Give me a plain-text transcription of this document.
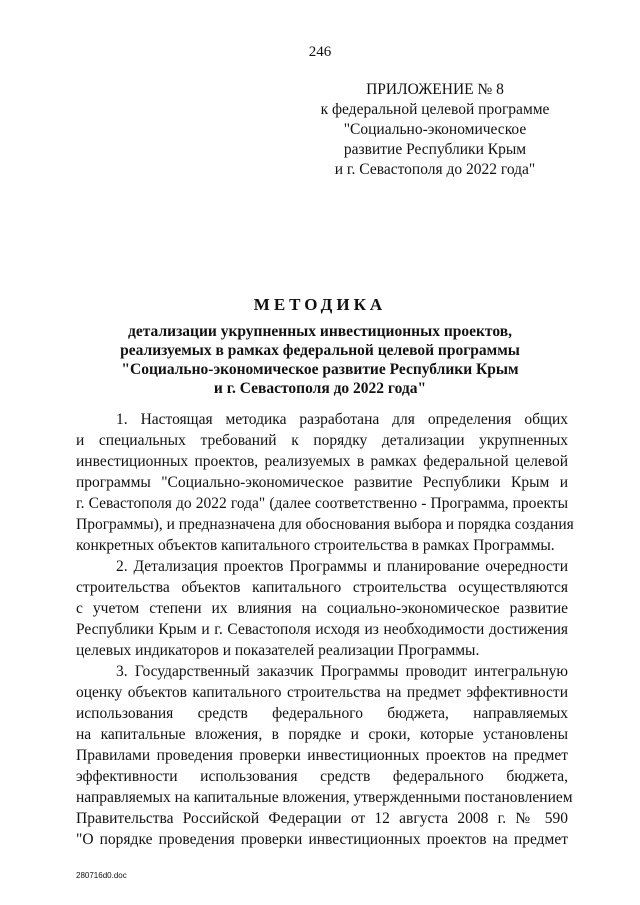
246
ПРИЛОЖЕНИЕ № 8
к федеральной целевой программе
"Социально-экономическое
развитие Республики Крым
и г. Севастополя до 2022 года"
МЕТОДИКА
детализации укрупненных инвестиционных проектов,
реализуемых в рамках федеральной целевой программы
"Социально-экономическое развитие Республики Крым
и г. Севастополя до 2022 года"
1. Настоящая методика разработана для определения общих
и специальных требований к порядку детализации укрупненных
инвестиционных проектов, реализуемых в рамках федеральной целевой
программы "Социально-экономическое развитие Республики Крым и
г. Севастополя до 2022 года" (далее соответственно - Программа, проекты
Программы), и предназначена для обоснования выбора и порядка создания
конкретных объектов капитального строительства в рамках Программы.
2. Детализация проектов Программы и планирование очередности
строительства объектов капитального строительства осуществляются
с учетом степени их влияния на социально-экономическое развитие
Республики Крым и г. Севастополя исходя из необходимости достижения
целевых индикаторов и показателей реализации Программы.
3. Государственный заказчик Программы проводит интегральную
оценку объектов капитального строительства на предмет эффективности
использования средств федерального бюджета, направляемых
на капитальные вложения, в порядке и сроки, которые установлены
Правилами проведения проверки инвестиционных проектов на предмет
эффективности использования средств федерального бюджета,
направляемых на капитальные вложения, утвержденными постановлением
Правительства Российской Федерации от 12 августа 2008 г. № 590
"О порядке проведения проверки инвестиционных проектов на предмет
280716d0.doc
